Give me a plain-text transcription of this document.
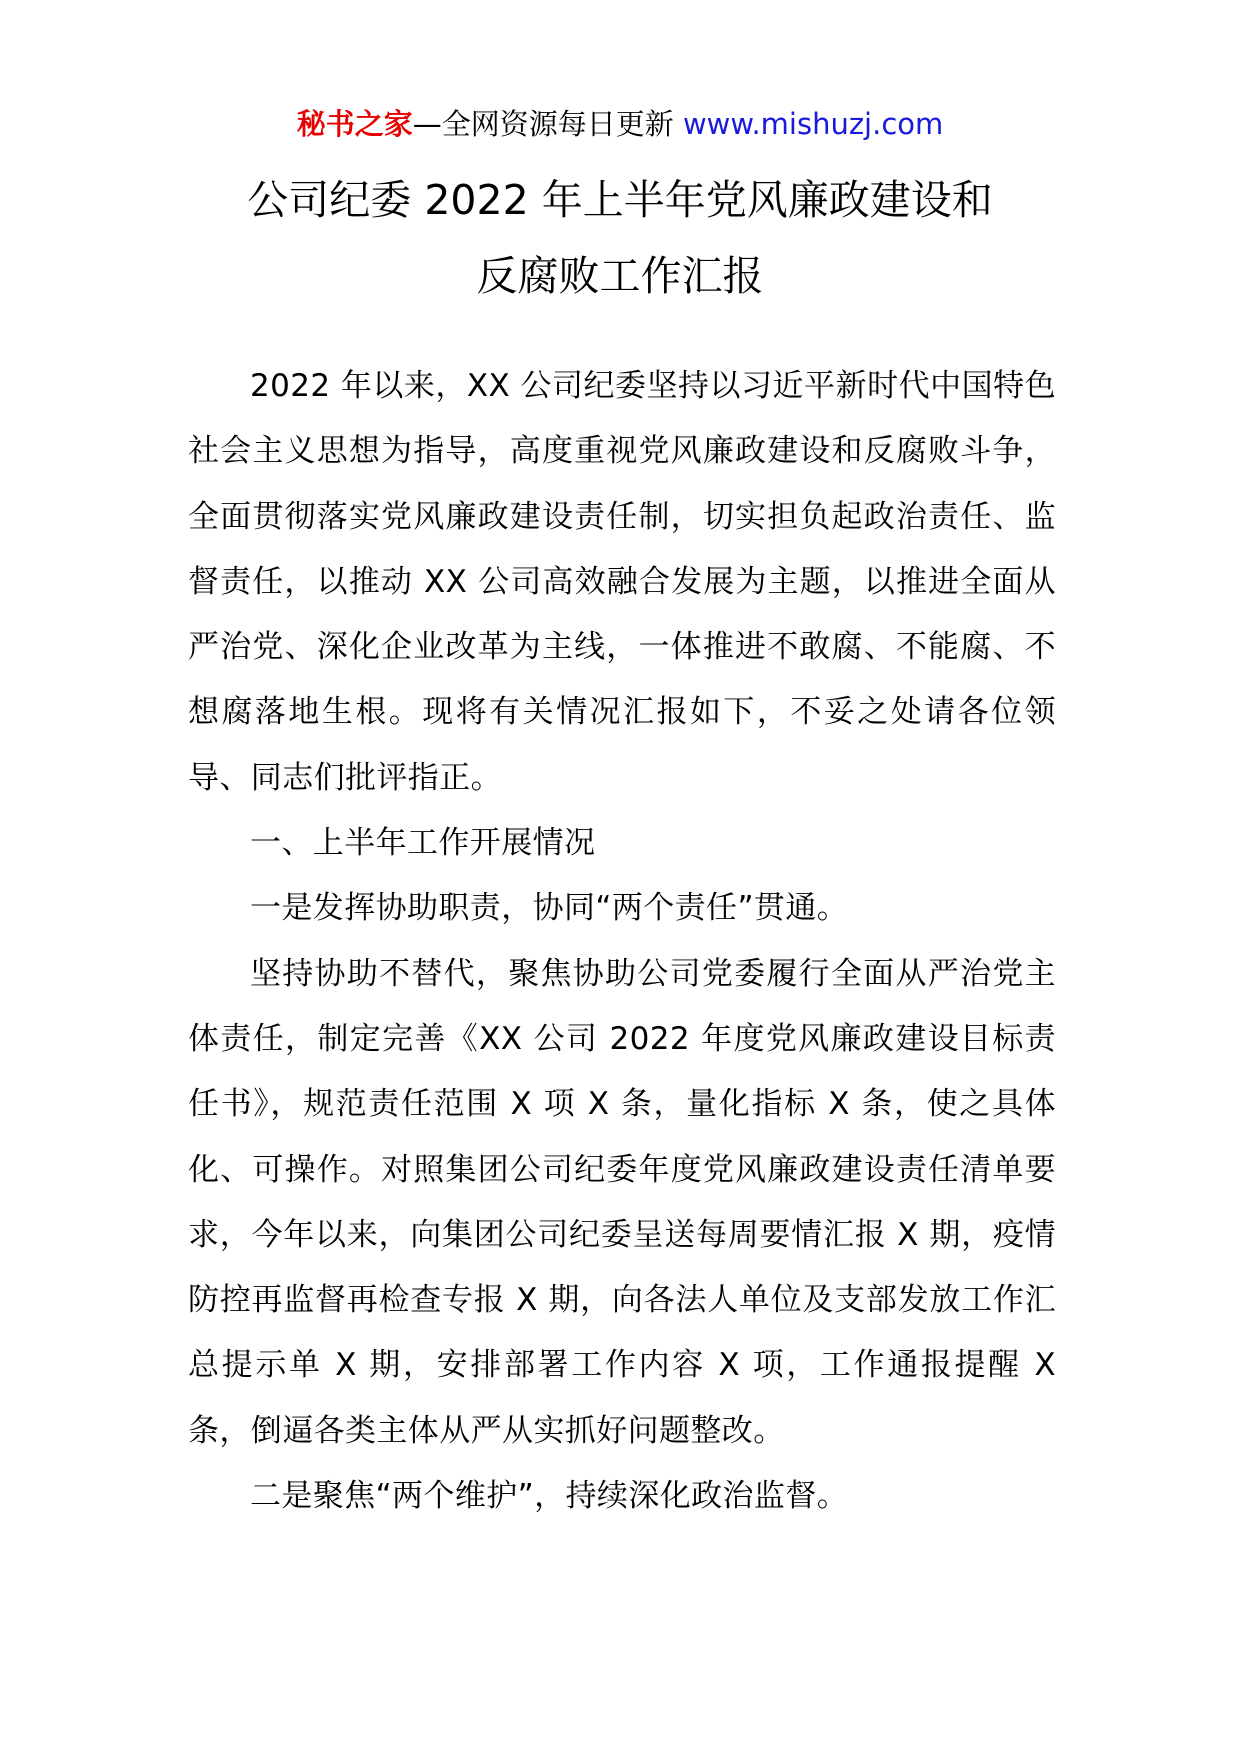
秘书之家—全网资源每日更新 www.mishuzj.com
公司纪委 2022 年上半年党风廉政建设和
反腐败工作汇报

2022 年以来，XX 公司纪委坚持以习近平新时代中国特色社会主义思想为指导，高度重视党风廉政建设和反腐败斗争，全面贯彻落实党风廉政建设责任制，切实担负起政治责任、监督责任，以推动 XX 公司高效融合发展为主题，以推进全面从严治党、深化企业改革为主线，一体推进不敢腐、不能腐、不想腐落地生根。现将有关情况汇报如下，不妥之处请各位领导、同志们批评指正。

一、上半年工作开展情况

一是发挥协助职责，协同“两个责任”贯通。

坚持协助不替代，聚焦协助公司党委履行全面从严治党主体责任，制定完善《XX 公司 2022 年度党风廉政建设目标责任书》，规范责任范围 X 项 X 条，量化指标 X 条，使之具体化、可操作。对照集团公司纪委年度党风廉政建设责任清单要求，今年以来，向集团公司纪委呈送每周要情汇报 X 期，疫情防控再监督再检查专报 X 期，向各法人单位及支部发放工作汇总提示单 X 期，安排部署工作内容 X 项，工作通报提醒 X 条，倒逼各类主体从严从实抓好问题整改。

二是聚焦“两个维护”，持续深化政治监督。
